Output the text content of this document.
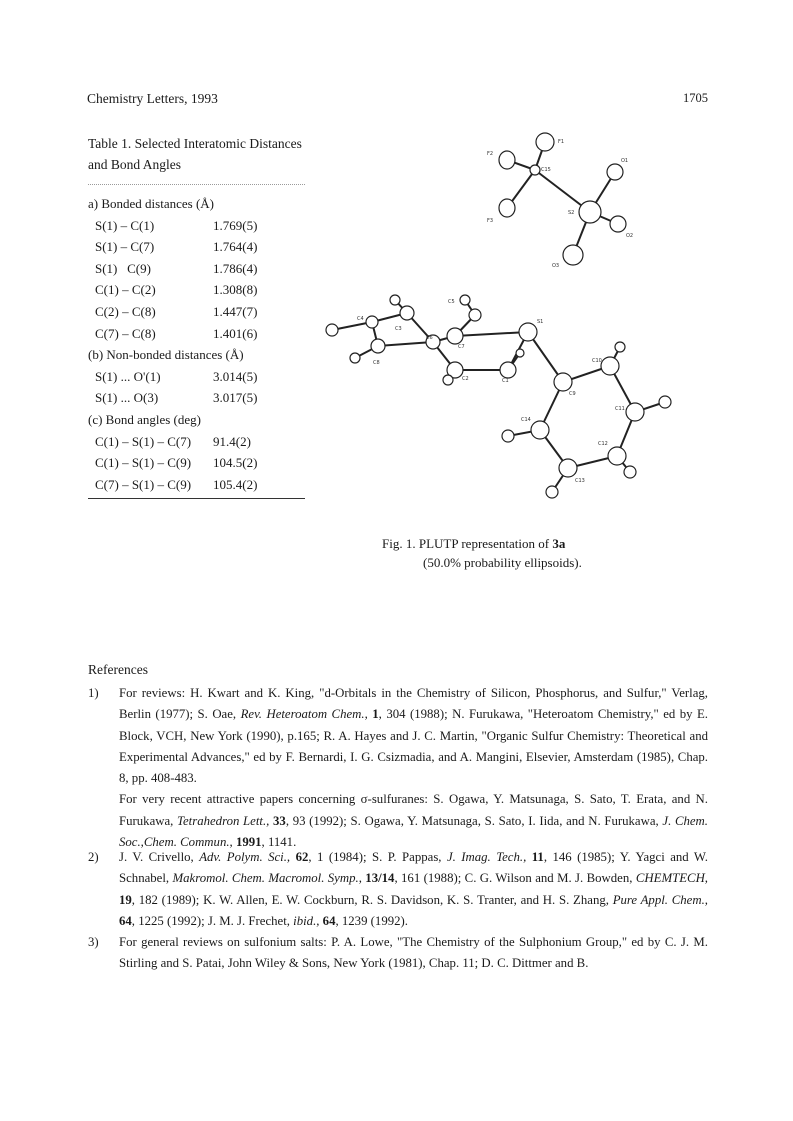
Chemistry Letters, 1993	1705
Table 1. Selected Interatomic Distances
and Bond Angles
a) Bonded distances (Å)
S(1) – C(1)	1.769(5)
S(1) – C(7)	1.764(4)
S(1)   C(9)	1.786(4)
C(1) – C(2)	1.308(8)
C(2) – C(8)	1.447(7)
C(7) – C(8)	1.401(6)
(b) Non-bonded distances (Å)
S(1) ... O'(1)	3.014(5)
S(1) ... O(3)	3.017(5)
(c) Bond angles (deg)
C(1) – S(1) – C(7) 91.4(2)
C(1) – S(1) – C(9) 104.5(2)
C(7) – S(1) – C(9) 105.4(2)
F1
F2
C15
F3
O1
S2
O2
O3
C5
C4
C3
C6
C7
S1
C8
C2	C1
C10
C9
C11
C14
C12
C13
Fig. 1. PLUTP representation of 3a
(50.0% probability ellipsoids).
References
1) For reviews: H. Kwart and K. King, "d-Orbitals in the Chemistry of Silicon, Phosphorus, and Sulfur," Verlag, Berlin (1977); S. Oae, Rev. Heteroatom Chem., 1, 304 (1988); N. Furukawa, "Heteroatom Chemistry," ed by E. Block, VCH, New York (1990), p.165; R. A. Hayes and J. C. Martin, "Organic Sulfur Chemistry: Theoretical and Experimental Advances," ed by F. Bernardi, I. G. Csizmadia, and A. Mangini, Elsevier, Amsterdam (1985), Chap. 8, pp. 408-483.

For very recent attractive papers concerning σ-sulfuranes: S. Ogawa, Y. Matsunaga, S. Sato, T. Erata, and N. Furukawa, Tetrahedron Lett., 33, 93 (1992); S. Ogawa, Y. Matsunaga, S. Sato, I. Iida, and N. Furukawa, J. Chem. Soc.,Chem. Commun., 1991, 1141.

2) J. V. Crivello, Adv. Polym. Sci., 62, 1 (1984); S. P. Pappas, J. Imag. Tech., 11, 146 (1985); Y. Yagci and W. Schnabel, Makromol. Chem. Macromol. Symp., 13/14, 161 (1988); C. G. Wilson and M. J. Bowden, CHEMTECH, 19, 182 (1989); K. W. Allen, E. W. Cockburn, R. S. Davidson, K. S. Tranter, and H. S. Zhang, Pure Appl. Chem., 64, 1225 (1992); J. M. J. Frechet, ibid., 64, 1239 (1992).

3) For general reviews on sulfonium salts: P. A. Lowe, "The Chemistry of the Sulphonium Group," ed by C. J. M. Stirling and S. Patai, John Wiley & Sons, New York (1981), Chap. 11; D. C. Dittmer and B.
